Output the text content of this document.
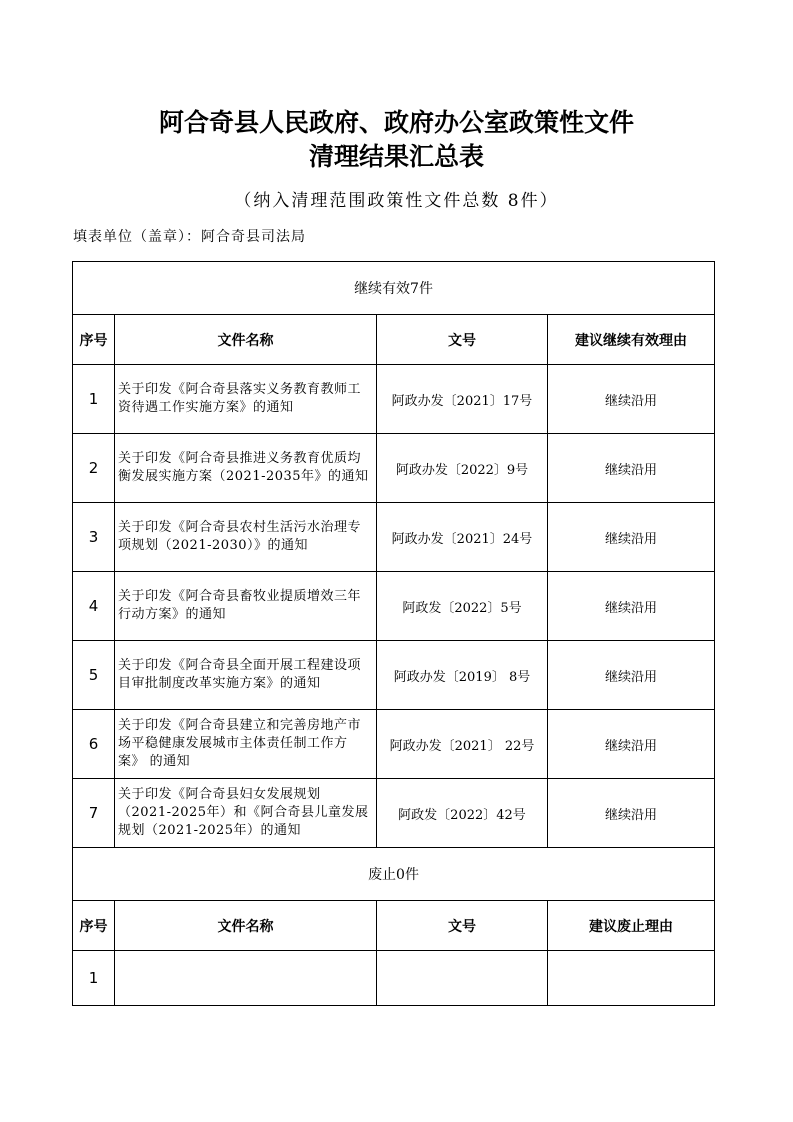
阿合奇县人民政府、政府办公室政策性文件
清理结果汇总表
（纳入清理范围政策性文件总数 8件）
填表单位（盖章）：阿合奇县司法局
继续有效7件			
序号	文件名称	文号	建议继续有效理由
1	关于印发《阿合奇县落实义务教育教师工资待遇工作实施方案》的通知	阿政办发〔2021〕17号	继续沿用
2	关于印发《阿合奇县推进义务教育优质均衡发展实施方案（2021-2035年》的通知	阿政办发〔2022〕9号	继续沿用
3	关于印发《阿合奇县农村生活污水治理专项规划（2021-2030）》的通知	阿政办发〔2021〕24号	继续沿用
4	关于印发《阿合奇县畜牧业提质增效三年行动方案》的通知	阿政发〔2022〕5号	继续沿用
5	关于印发《阿合奇县全面开展工程建设项目审批制度改革实施方案》的通知	阿政办发〔2019〕 8号	继续沿用
6	关于印发《阿合奇县建立和完善房地产市场平稳健康发展城市主体责任制工作方案》 的通知	阿政办发〔2021〕 22号	继续沿用
7	关于印发《阿合奇县妇女发展规划（2021-2025年）和《阿合奇县儿童发展规划（2021-2025年）的通知	阿政发〔2022〕42号	继续沿用
废止0件			
序号	文件名称	文号	建议废止理由
1			
